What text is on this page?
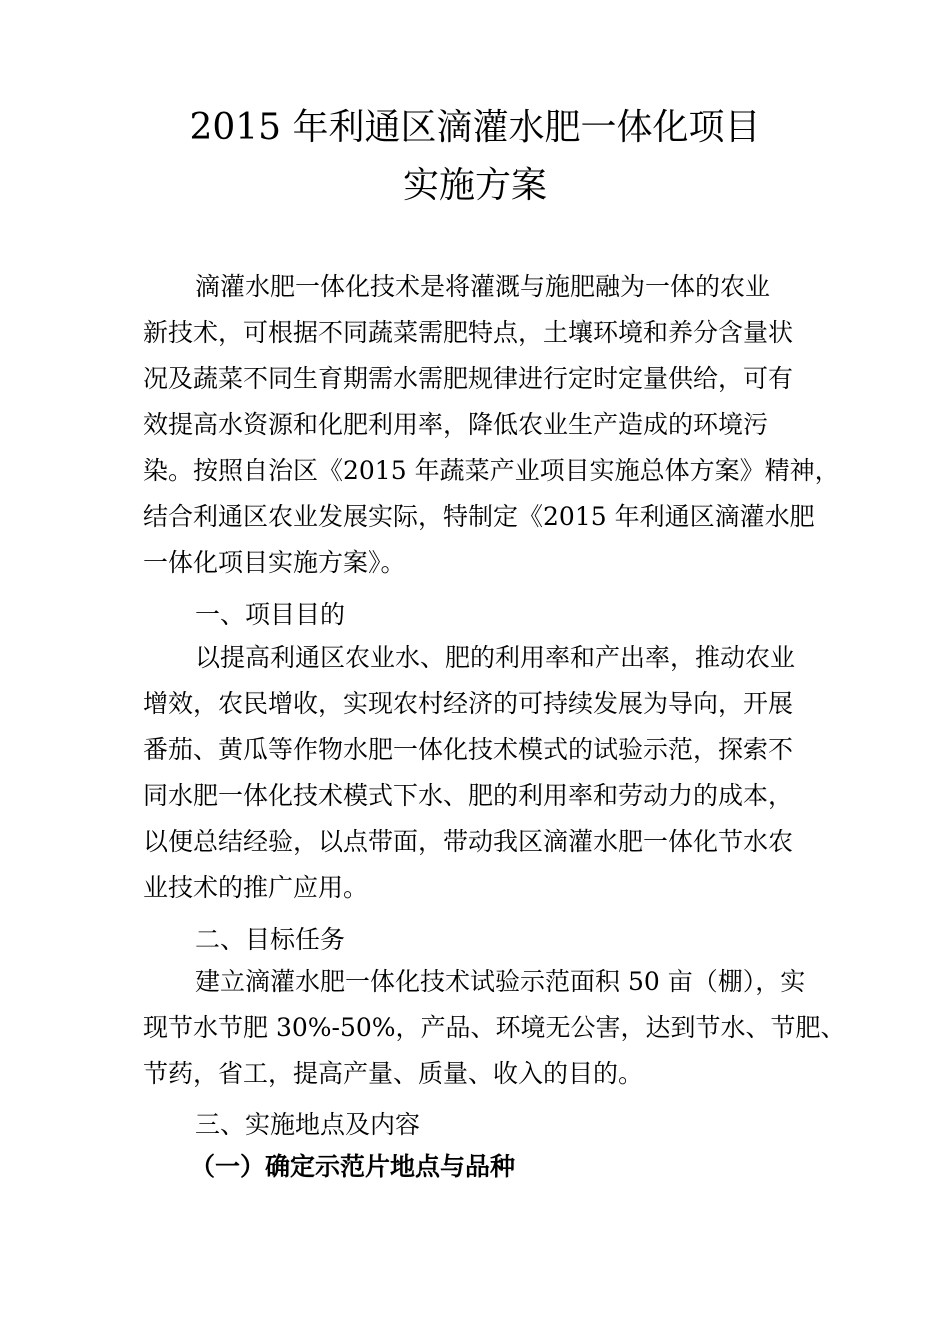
2015 年利通区滴灌水肥一体化项目
实施方案
滴灌水肥一体化技术是将灌溉与施肥融为一体的农业
新技术，可根据不同蔬菜需肥特点，土壤环境和养分含量状
况及蔬菜不同生育期需水需肥规律进行定时定量供给，可有
效提高水资源和化肥利用率，降低农业生产造成的环境污
染。按照自治区《2015 年蔬菜产业项目实施总体方案》精神，
结合利通区农业发展实际，特制定《2015 年利通区滴灌水肥
一体化项目实施方案》。
一、项目目的
以提高利通区农业水、肥的利用率和产出率，推动农业
增效，农民增收，实现农村经济的可持续发展为导向，开展
番茄、黄瓜等作物水肥一体化技术模式的试验示范，探索不
同水肥一体化技术模式下水、肥的利用率和劳动力的成本，
以便总结经验，以点带面，带动我区滴灌水肥一体化节水农
业技术的推广应用。
二、目标任务
建立滴灌水肥一体化技术试验示范面积 50 亩（棚），实
现节水节肥 30%-50%，产品、环境无公害，达到节水、节肥、
节药，省工，提高产量、质量、收入的目的。
三、实施地点及内容
（一）确定示范片地点与品种
